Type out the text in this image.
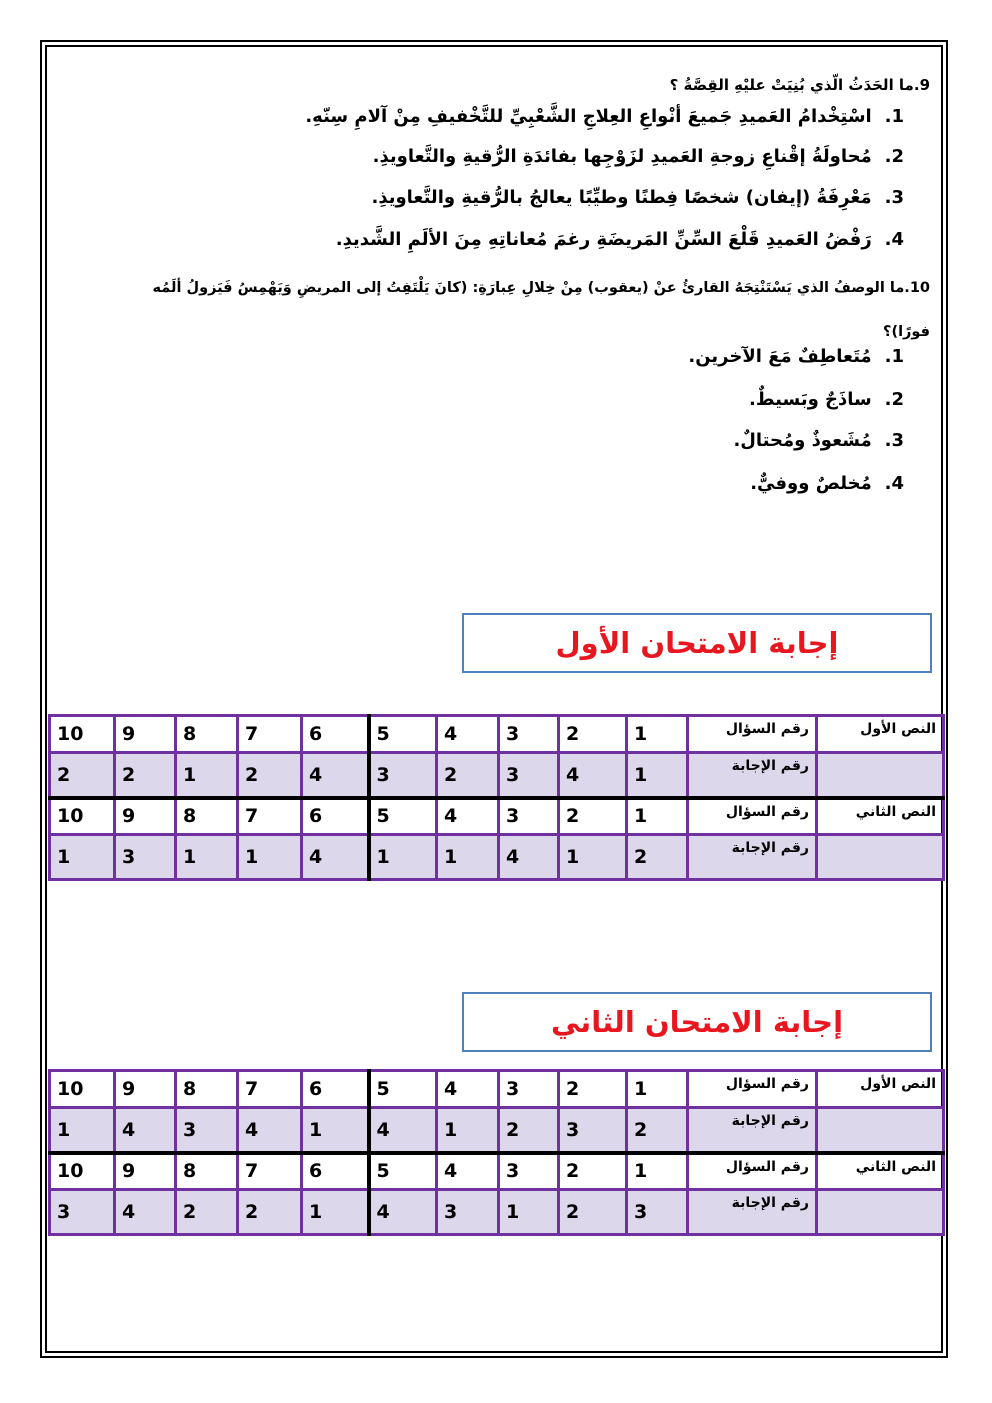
9.ما الحَدَثُ الّذي بُنِيَتْ عليْهِ القِصَّةُ ؟
1. اسْتِخْدامُ العَميدِ جَميعَ أنْواعِ العِلاجِ الشَّعْبِيِّ للتَّخْفيفِ مِنْ آلامِ سِنّهِ.
2. مُحاولَةُ إقْناعِ زوجةِ العَميدِ لزَوْجِها بفائدَةِ الرُّقيةِ والتَّعاويذِ.
3. مَعْرِفَةُ (إيفان) شخصًا فِطنًا وطيِّبًا يعالجُ بالرُّقيةِ والتَّعاويذِ.
4. رَفْضُ العَميدِ قَلْعَ السِّنِّ المَريضَةِ رغمَ مُعاناتِهِ مِنَ الألَمِ الشَّديدِ.
10.ما الوصفُ الذي يَسْتَنْتِجَهُ القارئُ عنْ (يعقوب) مِنْ خِلالِ عِبارَةِ: (كانَ يَلْتَفِتُ إلى المريضِ وَيَهْمِسُ فَيَزولُ ألَمُه
فورًا)؟
1. مُتَعاطِفٌ مَعَ الآخرين.
2. ساذَجٌ وبَسيطٌ.
3. مُشَعوذٌ ومُحتالٌ.
4. مُخلصٌ ووفيٌّ.
إجابة الامتحان الأول
النص الأول	رقم السؤال	1	2	3	4	5	6	7	8	9	10
	رقم الإجابة	1	4	3	2	3	4	2	1	2	2
النص الثاني	رقم السؤال	1	2	3	4	5	6	7	8	9	10
	رقم الإجابة	2	1	4	1	1	4	1	1	3	1
إجابة الامتحان الثاني
النص الأول	رقم السؤال	1	2	3	4	5	6	7	8	9	10
	رقم الإجابة	2	3	2	1	4	1	4	3	4	1
النص الثاني	رقم السؤال	1	2	3	4	5	6	7	8	9	10
	رقم الإجابة	3	2	1	3	4	1	2	2	4	3
